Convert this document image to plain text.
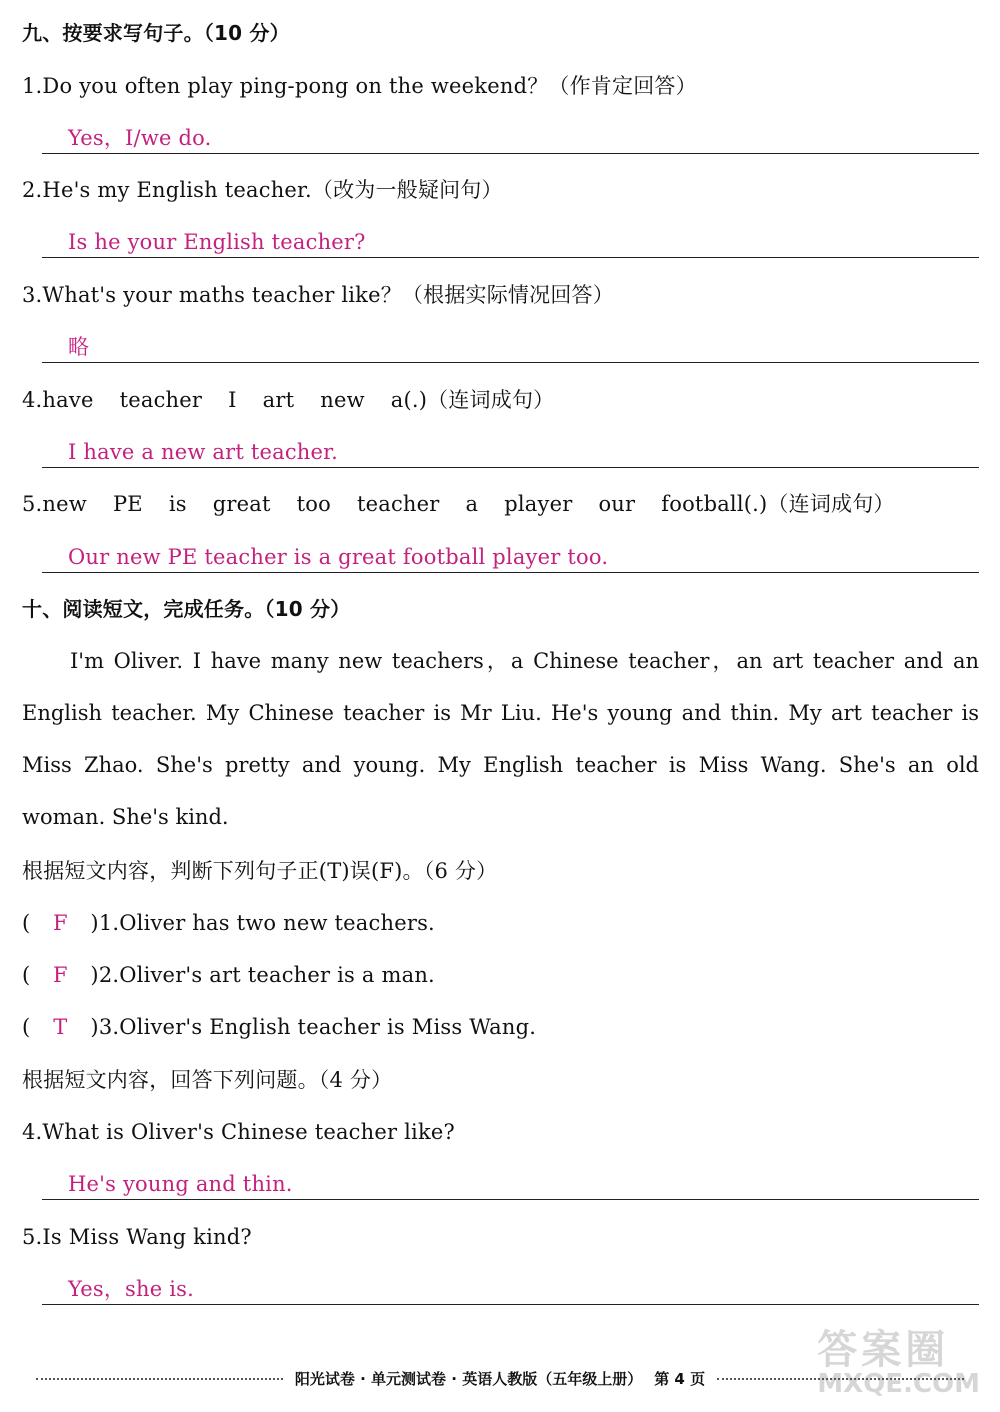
九、按要求写句子。（10 分）
1.Do you often play ping-pong on the weekend？（作肯定回答）
Yes，I/we do.
2.He's my English teacher.（改为一般疑问句）
Is he your English teacher?
3.What's your maths teacher like？（根据实际情况回答）
略
4.have teacher I art new a(.)（连词成句）
I have a new art teacher.
5.new PE is great too teacher a player our football(.)（连词成句）
Our new PE teacher is a great football player too.
十、阅读短文，完成任务。（10 分）

I'm Oliver. I have many new teachers，a Chinese teacher，an art teacher and an English teacher. My Chinese teacher is Mr Liu. He's young and thin. My art teacher is Miss Zhao. She's pretty and young. My English teacher is Miss Wang. She's an old woman. She's kind.

根据短文内容，判断下列句子正(T)误(F)。（6 分）
( F )1.Oliver has two new teachers.
( F )2.Oliver's art teacher is a man.
( T )3.Oliver's English teacher is Miss Wang.
根据短文内容，回答下列问题。（4 分）
4.What is Oliver's Chinese teacher like?
He's young and thin.
5.Is Miss Wang kind?
Yes，she is.
答案圈
MXQE.COM
阳光试卷 · 单元测试卷 · 英语人教版（五年级上册） 第 4 页
